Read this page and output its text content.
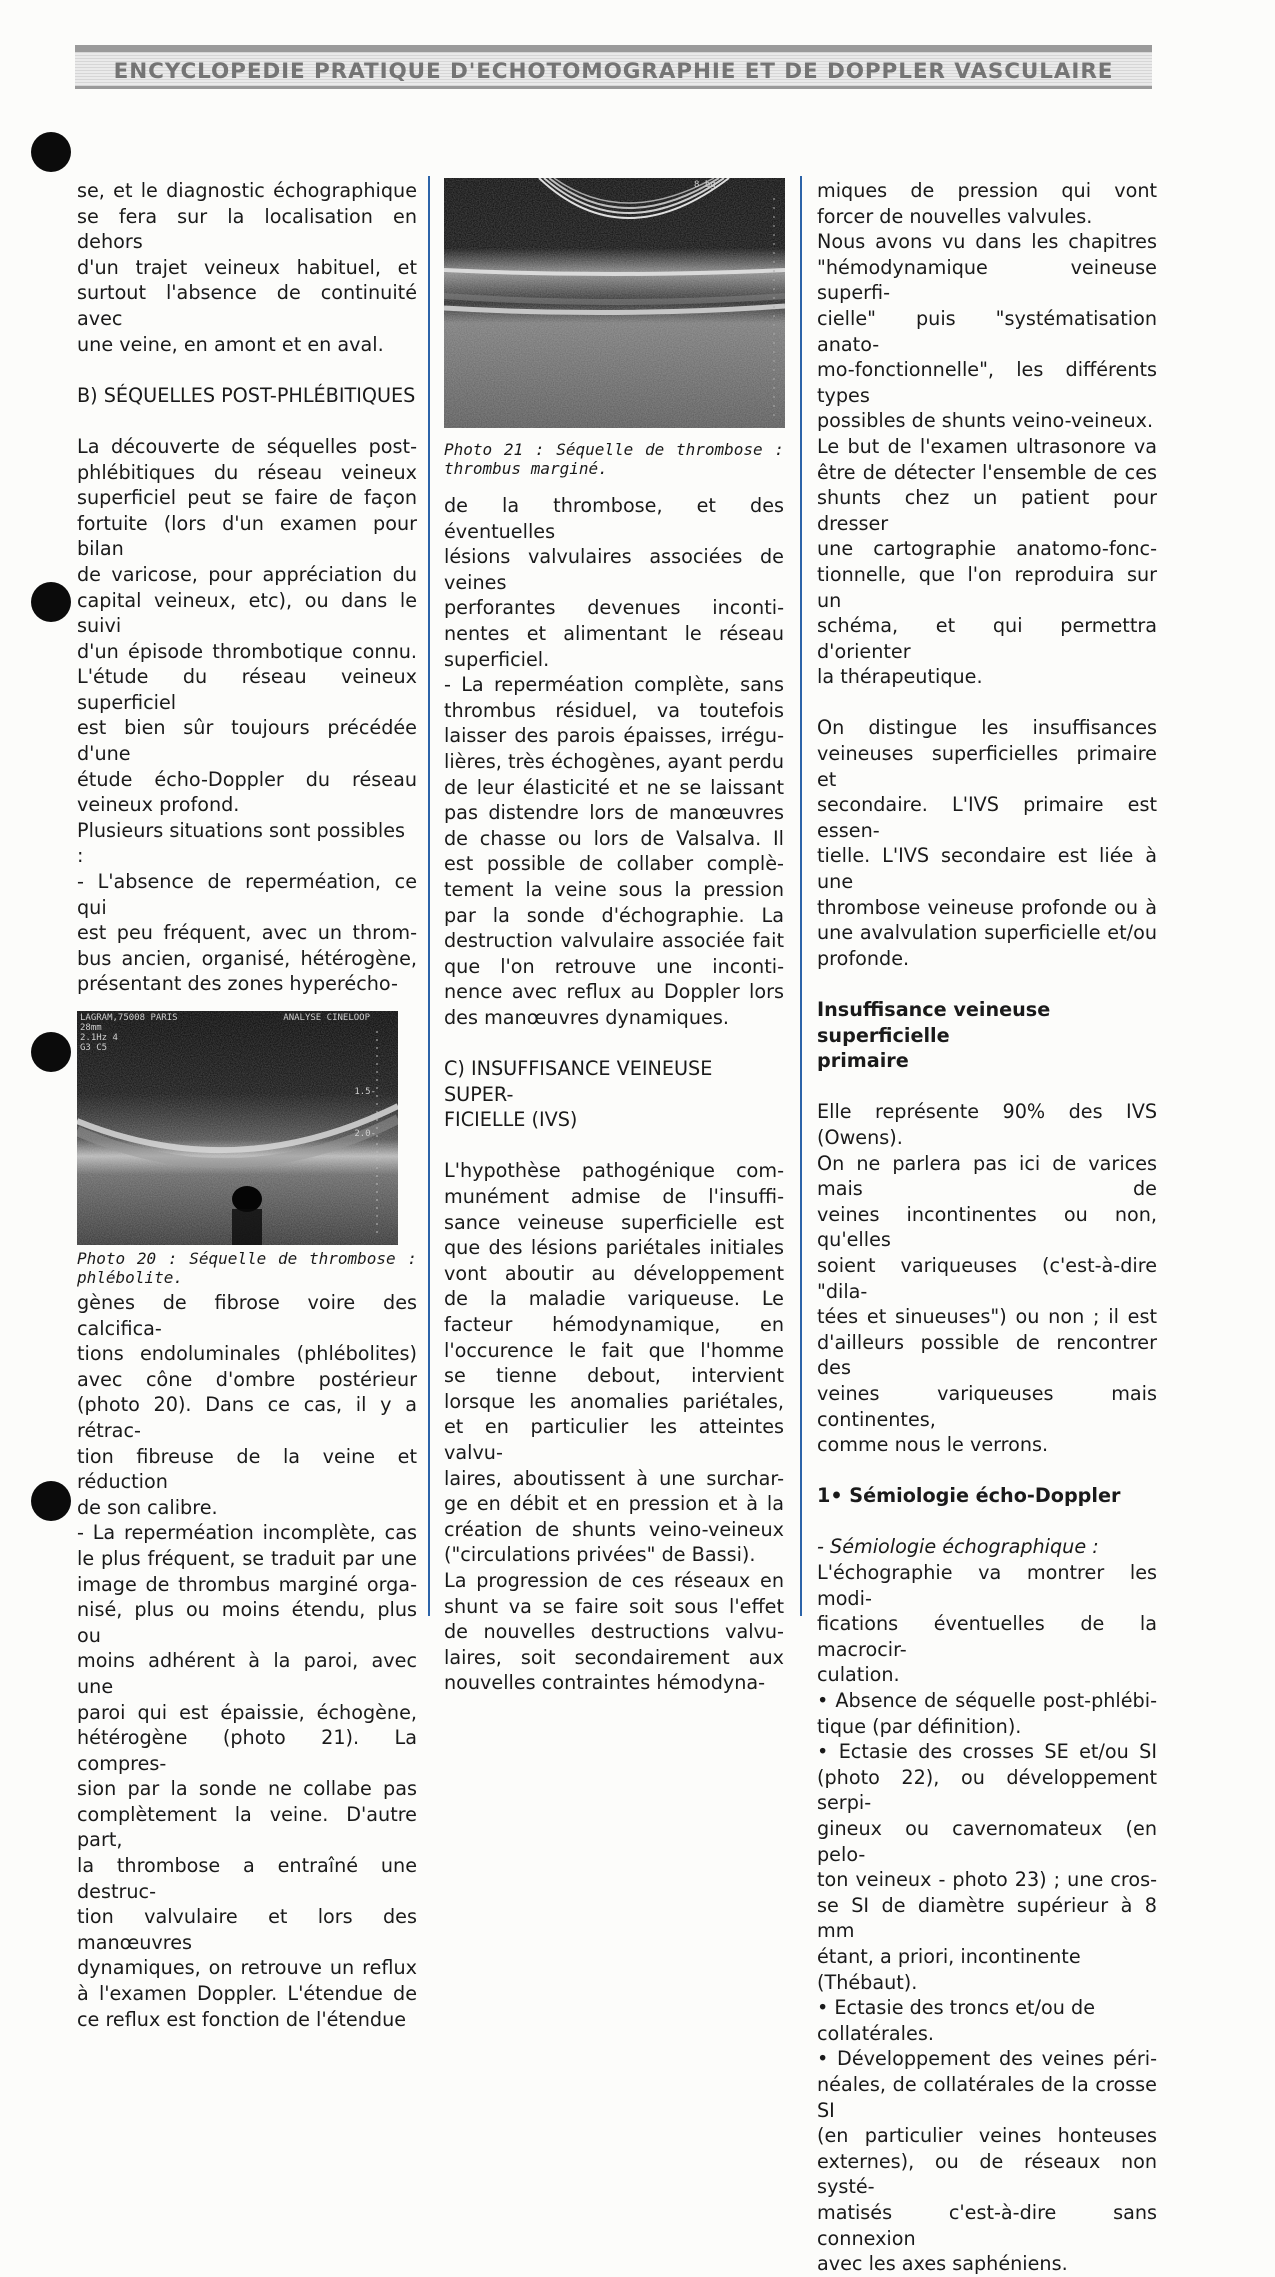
ENCYCLOPEDIE PRATIQUE D'ECHOTOMOGRAPHIE ET DE DOPPLER VASCULAIRE
se, et le diagnostic échographique
se fera sur la localisation en dehors
d'un trajet veineux habituel, et
surtout l'absence de continuité avec
une veine, en amont et en aval.

B) SÉQUELLES POST-PHLÉBITIQUES

La découverte de séquelles post-
phlébitiques du réseau veineux
superficiel peut se faire de façon
fortuite (lors d'un examen pour bilan
de varicose, pour appréciation du
capital veineux, etc), ou dans le suivi
d'un épisode thrombotique connu.
L'étude du réseau veineux superficiel
est bien sûr toujours précédée d'une
étude écho-Doppler du réseau
veineux profond.
Plusieurs situations sont possibles :
- L'absence de reperméation, ce qui
est peu fréquent, avec un throm-
bus ancien, organisé, hétérogène,
présentant des zones hyperécho-
LAGRAM,75008 PARIS
28mm
2.1Hz 4
G3 C5
ANALYSE CINELOOP
1.5-
2.0-
Photo 20 : Séquelle de thrombose :
phlébolite.
gènes de fibrose voire des calcifica-
tions endoluminales (phlébolites)
avec cône d'ombre postérieur
(photo 20). Dans ce cas, il y a rétrac-
tion fibreuse de la veine et réduction
de son calibre.
- La reperméation incomplète, cas
le plus fréquent, se traduit par une
image de thrombus marginé orga-
nisé, plus ou moins étendu, plus ou
moins adhérent à la paroi, avec une
paroi qui est épaissie, échogène,
hétérogène (photo 21). La compres-
sion par la sonde ne collabe pas
complètement la veine. D'autre part,
la thrombose a entraîné une destruc-
tion valvulaire et lors des manœuvres
dynamiques, on retrouve un reflux
à l'examen Doppler. L'étendue de
ce reflux est fonction de l'étendue
8 bg
Photo 21 : Séquelle de thrombose :
thrombus marginé.
de la thrombose, et des éventuelles
lésions valvulaires associées de veines
perforantes devenues inconti-
nentes et alimentant le réseau
superficiel.
- La reperméation complète, sans
thrombus résiduel, va toutefois
laisser des parois épaisses, irrégu-
lières, très échogènes, ayant perdu
de leur élasticité et ne se laissant
pas distendre lors de manœuvres
de chasse ou lors de Valsalva. Il
est possible de collaber complè-
tement la veine sous la pression
par la sonde d'échographie. La
destruction valvulaire associée fait
que l'on retrouve une inconti-
nence avec reflux au Doppler lors
des manœuvres dynamiques.
C) INSUFFISANCE VEINEUSE SUPER-
FICIELLE (IVS)
L'hypothèse pathogénique com-
munément admise de l'insuffi-
sance veineuse superficielle est
que des lésions pariétales initiales
vont aboutir au développement
de la maladie variqueuse. Le
facteur hémodynamique, en
l'occurence le fait que l'homme
se tienne debout, intervient
lorsque les anomalies pariétales,
et en particulier les atteintes valvu-
laires, aboutissent à une surchar-
ge en débit et en pression et à la
création de shunts veino-veineux
("circulations privées" de Bassi).
La progression de ces réseaux en
shunt va se faire soit sous l'effet
de nouvelles destructions valvu-
laires, soit secondairement aux
nouvelles contraintes hémodyna-
miques de pression qui vont
forcer de nouvelles valvules.
Nous avons vu dans les chapitres
"hémodynamique veineuse superfi-
cielle" puis "systématisation anato-
mo-fonctionnelle", les différents types
possibles de shunts veino-veineux.
Le but de l'examen ultrasonore va
être de détecter l'ensemble de ces
shunts chez un patient pour dresser
une cartographie anatomo-fonc-
tionnelle, que l'on reproduira sur un
schéma, et qui permettra d'orienter
la thérapeutique.
On distingue les insuffisances
veineuses superficielles primaire et
secondaire. L'IVS primaire est essen-
tielle. L'IVS secondaire est liée à une
thrombose veineuse profonde ou à
une avalvulation superficielle et/ou
profonde.
Insuffisance veineuse superficielle
primaire
Elle représente 90% des IVS (Owens).
On ne parlera pas ici de varices mais de
veines incontinentes ou non, qu'elles
soient variqueuses (c'est-à-dire "dila-
tées et sinueuses") ou non ; il est
d'ailleurs possible de rencontrer des
veines variqueuses mais continentes,
comme nous le verrons.

1• Sémiologie écho-Doppler

- Sémiologie échographique :

L'échographie va montrer les modi-
fications éventuelles de la macrocir-
culation.
• Absence de séquelle post-phlébi-
tique (par définition).
• Ectasie des crosses SE et/ou SI
(photo 22), ou développement serpi-
gineux ou cavernomateux (en pelo-
ton veineux - photo 23) ; une cros-
se SI de diamètre supérieur à 8 mm
étant, a priori, incontinente (Thébaut).
• Ectasie des troncs et/ou de collatérales.
• Développement des veines péri-
néales, de collatérales de la crosse SI
(en particulier veines honteuses
externes), ou de réseaux non systé-
matisés c'est-à-dire sans connexion
avec les axes saphéniens.
